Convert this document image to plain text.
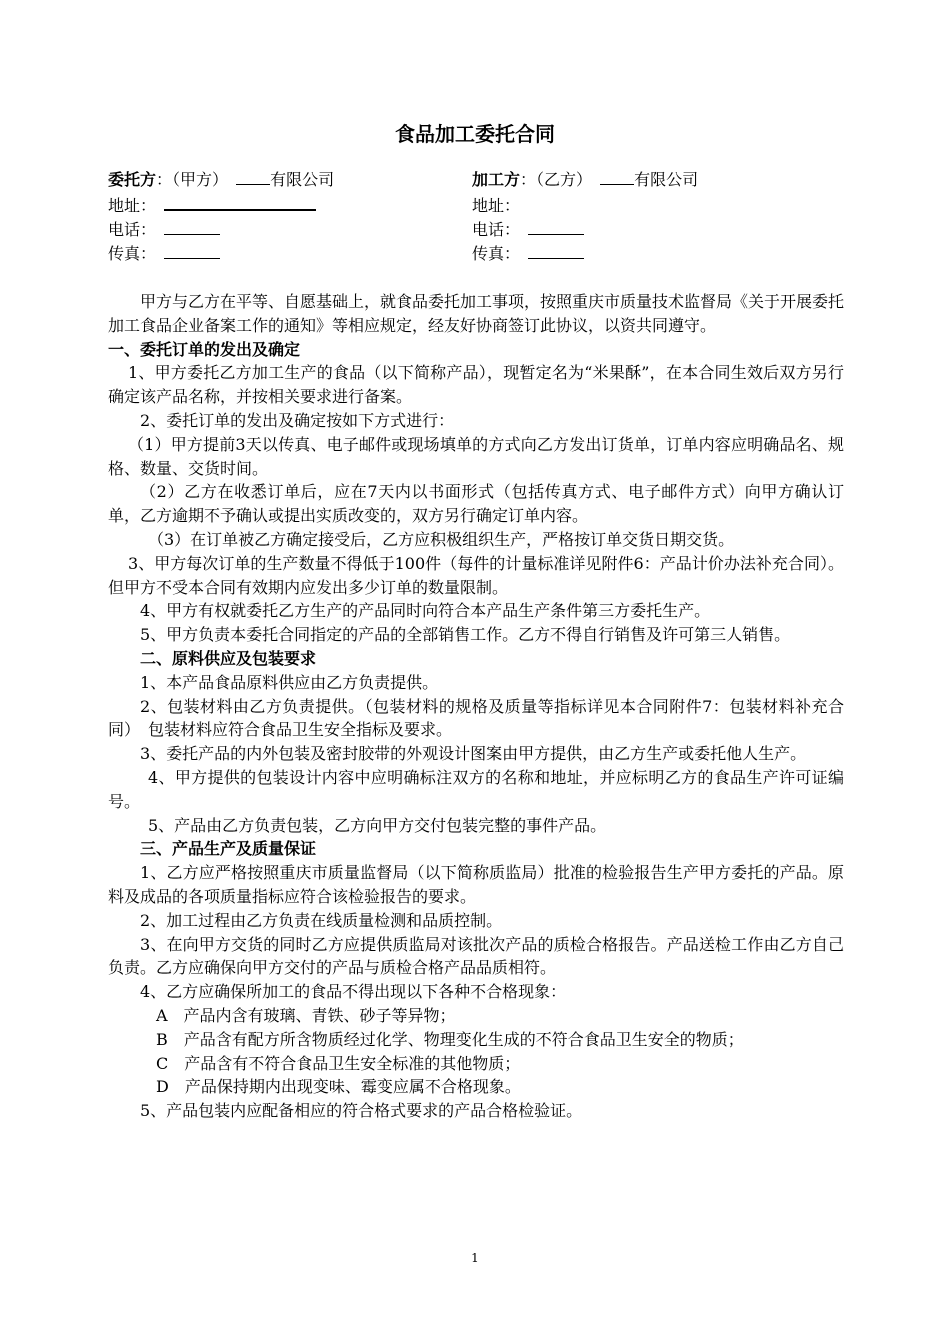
食品加工委托合同
委托方：（甲方）　	有限公司
地址：　
电话：　
传真：　
加工方：（乙方）　	有限公司
地址：
电话：　
传真：　

甲方与乙方在平等、自愿基础上，就食品委托加工事项，按照重庆市质量技术监督局《关于开展委托加工食品企业备案工作的通知》等相应规定，经友好协商签订此协议，以资共同遵守。

一、委托订单的发出及确定

1、甲方委托乙方加工生产的食品（以下简称产品），现暂定名为“米果酥”，在本合同生效后双方另行确定该产品名称，并按相关要求进行备案。

2、委托订单的发出及确定按如下方式进行：

（1）甲方提前3天以传真、电子邮件或现场填单的方式向乙方发出订货单，订单内容应明确品名、规格、数量、交货时间。

（2）乙方在收悉订单后，应在7天内以书面形式（包括传真方式、电子邮件方式）向甲方确认订单，乙方逾期不予确认或提出实质改变的，双方另行确定订单内容。

（3）在订单被乙方确定接受后，乙方应积极组织生产，严格按订单交货日期交货。

3、甲方每次订单的生产数量不得低于100件（每件的计量标准详见附件6：产品计价办法补充合同）。但甲方不受本合同有效期内应发出多少订单的数量限制。

4、甲方有权就委托乙方生产的产品同时向符合本产品生产条件第三方委托生产。

5、甲方负责本委托合同指定的产品的全部销售工作。乙方不得自行销售及许可第三人销售。

二、原料供应及包装要求

1、本产品食品原料供应由乙方负责提供。

2、包装材料由乙方负责提供。（包装材料的规格及质量等指标详见本合同附件7：包装材料补充合同）　包装材料应符合食品卫生安全指标及要求。

3、委托产品的内外包装及密封胶带的外观设计图案由甲方提供，由乙方生产或委托他人生产。

4、甲方提供的包装设计内容中应明确标注双方的名称和地址，并应标明乙方的食品生产许可证编号。

5、产品由乙方负责包装，乙方向甲方交付包装完整的事件产品。

三、产品生产及质量保证

1、乙方应严格按照重庆市质量监督局（以下简称质监局）批准的检验报告生产甲方委托的产品。原料及成品的各项质量指标应符合该检验报告的要求。

2、加工过程由乙方负责在线质量检测和品质控制。

3、在向甲方交货的同时乙方应提供质监局对该批次产品的质检合格报告。产品送检工作由乙方自己负责。乙方应确保向甲方交付的产品与质检合格产品品质相符。

4、乙方应确保所加工的食品不得出现以下各种不合格现象：

A　产品内含有玻璃、青铁、砂子等异物；

B　产品含有配方所含物质经过化学、物理变化生成的不符合食品卫生安全的物质；

C　产品含有不符合食品卫生安全标准的其他物质；

D　产品保持期内出现变味、霉变应属不合格现象。

5、产品包装内应配备相应的符合格式要求的产品合格检验证。

1
